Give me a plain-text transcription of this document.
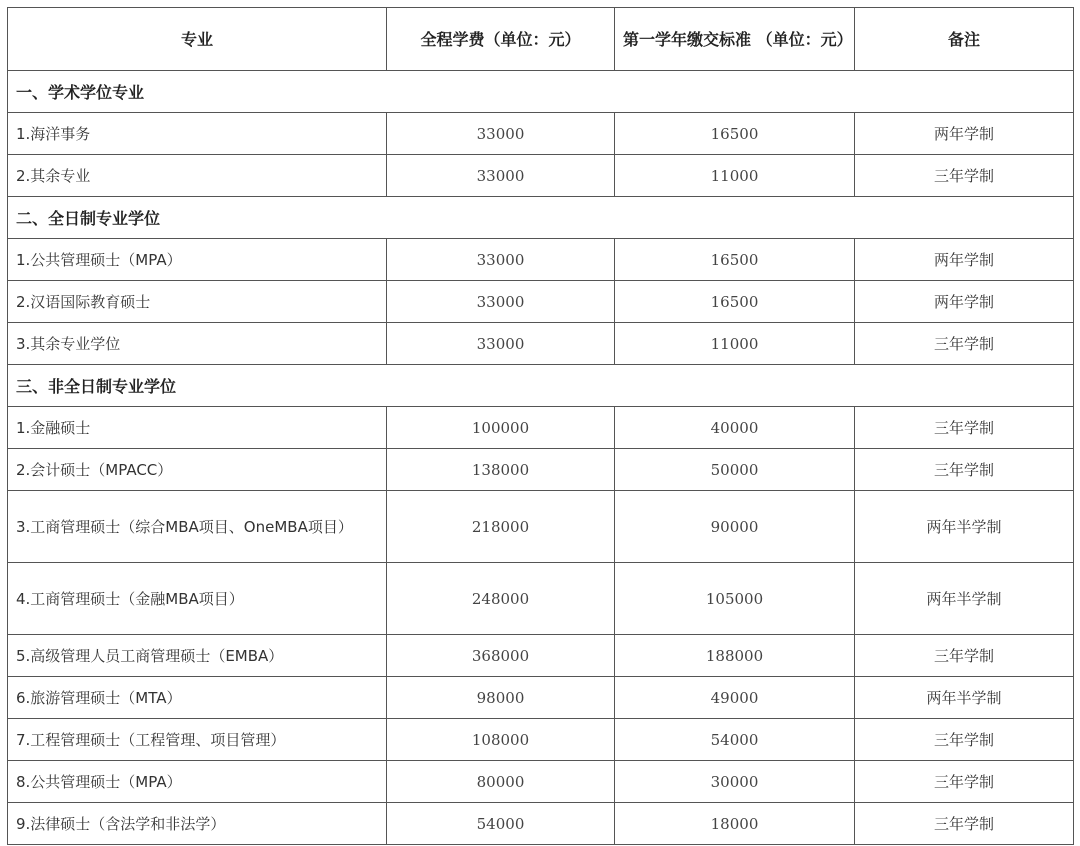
专业	全程学费（单位：元）	第一学年缴交标准 （单位：元）	备注
一、学术学位专业			
1.海洋事务	33000	16500	两年学制
2.其余专业	33000	11000	三年学制
二、全日制专业学位			
1.公共管理硕士（MPA）	33000	16500	两年学制
2.汉语国际教育硕士	33000	16500	两年学制
3.其余专业学位	33000	11000	三年学制
三、非全日制专业学位			
1.金融硕士	100000	40000	三年学制
2.会计硕士（MPACC）	138000	50000	三年学制
3.工商管理硕士（综合MBA项目、OneMBA项目）	218000	90000	两年半学制
4.工商管理硕士（金融MBA项目）	248000	105000	两年半学制
5.高级管理人员工商管理硕士（EMBA）	368000	188000	三年学制
6.旅游管理硕士（MTA）	98000	49000	两年半学制
7.工程管理硕士（工程管理、项目管理）	108000	54000	三年学制
8.公共管理硕士（MPA）	80000	30000	三年学制
9.法律硕士（含法学和非法学）	54000	18000	三年学制
